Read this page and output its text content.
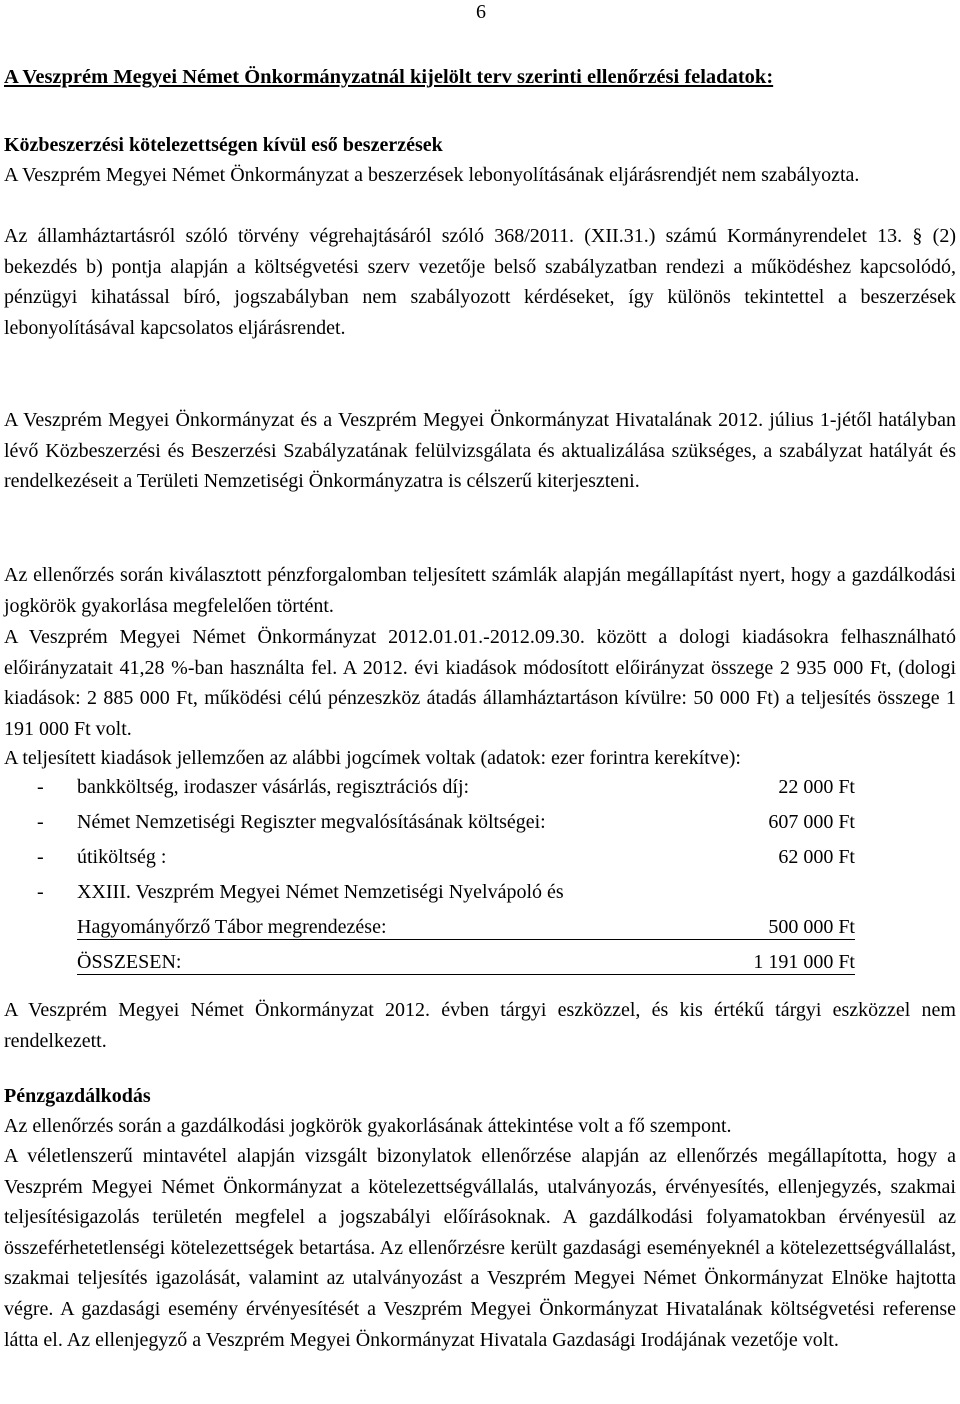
6

A Veszprém Megyei Német Önkormányzatnál kijelölt terv szerinti ellenőrzési feladatok:

Közbeszerzési kötelezettségen kívül eső beszerzések

A Veszprém Megyei Német Önkormányzat a beszerzések lebonyolításának eljárásrendjét nem szabályozta.

Az államháztartásról szóló törvény végrehajtásáról szóló 368/2011. (XII.31.) számú Kormányrendelet 13. § (2) bekezdés b) pontja alapján a költségvetési szerv vezetője belső szabályzatban rendezi a működéshez kapcsolódó, pénzügyi kihatással bíró, jogszabályban nem szabályozott kérdéseket, így különös tekintettel a beszerzések lebonyolításával kapcsolatos eljárásrendet.

A Veszprém Megyei Önkormányzat és a Veszprém Megyei Önkormányzat Hivatalának 2012. július 1-jétől hatályban lévő Közbeszerzési és Beszerzési Szabályzatának felülvizsgálata és aktualizálása szükséges, a szabályzat hatályát és rendelkezéseit a Területi Nemzetiségi Önkormányzatra is célszerű kiterjeszteni.

Az ellenőrzés során kiválasztott pénzforgalomban teljesített számlák alapján megállapítást nyert, hogy a gazdálkodási jogkörök gyakorlása megfelelően történt.

A Veszprém Megyei Német Önkormányzat 2012.01.01.-2012.09.30. között a dologi kiadásokra felhasználható előirányzatait 41,28 %-ban használta fel. A 2012. évi kiadások módosított előirányzat összege 2 935 000 Ft, (dologi kiadások: 2 885 000 Ft, működési célú pénzeszköz átadás államháztartáson kívülre: 50 000 Ft) a teljesítés összege 1 191 000 Ft volt.

A teljesített kiadások jellemzően az alábbi jogcímek voltak (adatok: ezer forintra kerekítve):

- bankköltség, irodaszer vásárlás, regisztrációs díj:	22 000 Ft
- Német Nemzetiségi Regiszter megvalósításának költségei:	607 000 Ft
- útiköltség :	62 000 Ft
- XXIII. Veszprém Megyei Német Nemzetiségi Nyelvápoló és
Hagyományőrző Tábor megrendezése:	500 000 Ft
ÖSSZESEN:	1 191 000 Ft

A Veszprém Megyei Német Önkormányzat 2012. évben tárgyi eszközzel, és kis értékű tárgyi eszközzel nem rendelkezett.

Pénzgazdálkodás

Az ellenőrzés során a gazdálkodási jogkörök gyakorlásának áttekintése volt a fő szempont.

A véletlenszerű mintavétel alapján vizsgált bizonylatok ellenőrzése alapján az ellenőrzés megállapította, hogy a Veszprém Megyei Német Önkormányzat a kötelezettségvállalás, utalványozás, érvényesítés, ellenjegyzés, szakmai teljesítésigazolás területén megfelel a jogszabályi előírásoknak. A gazdálkodási folyamatokban érvényesül az összeférhetetlenségi kötelezettségek betartása. Az ellenőrzésre került gazdasági eseményeknél a kötelezettségvállalást, szakmai teljesítés igazolását, valamint az utalványozást a Veszprém Megyei Német Önkormányzat Elnöke hajtotta végre. A gazdasági esemény érvényesítését a Veszprém Megyei Önkormányzat Hivatalának költségvetési referense látta el. Az ellenjegyző a Veszprém Megyei Önkormányzat Hivatala Gazdasági Irodájának vezetője volt.
